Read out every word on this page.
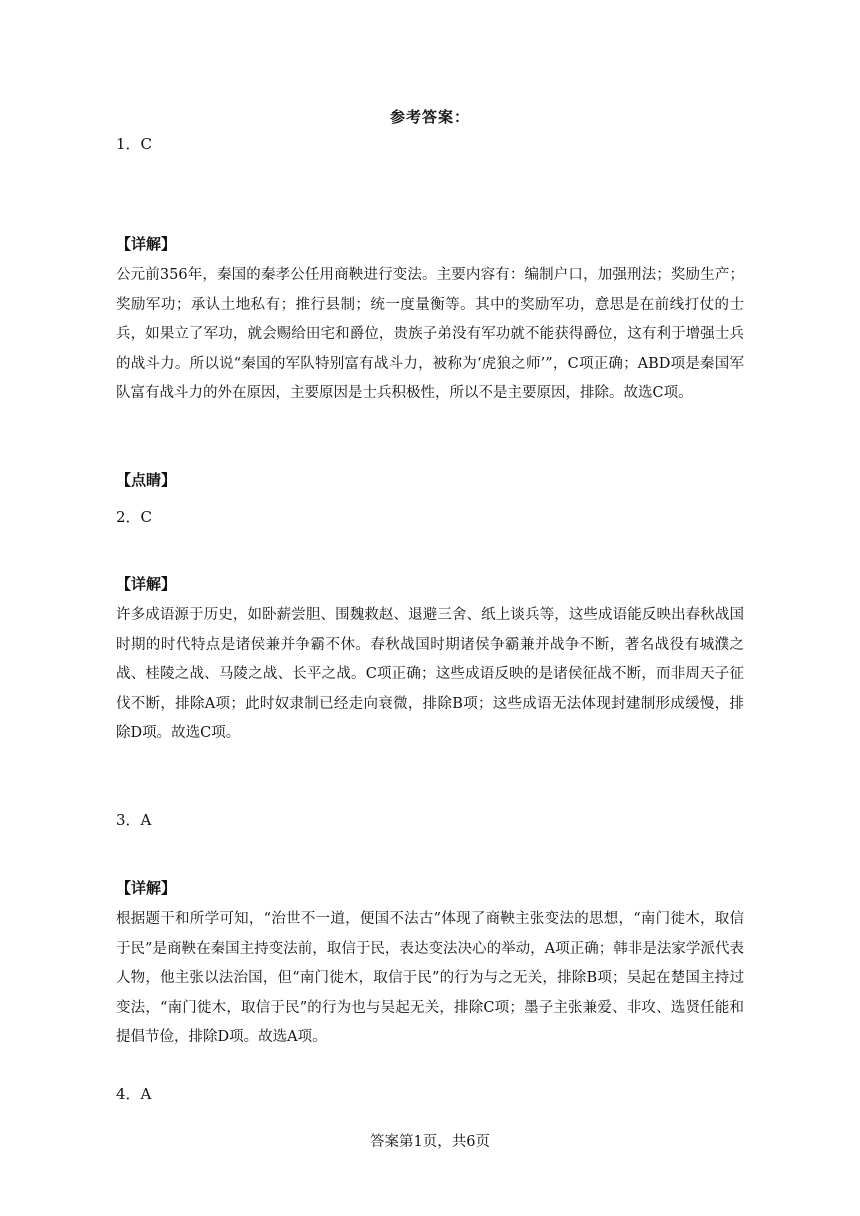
参考答案：
1．C
【详解】
公元前356年，秦国的秦孝公任用商鞅进行变法。主要内容有：编制户口，加强刑法；奖励生产；奖励军功；承认土地私有；推行县制；统一度量衡等。其中的奖励军功，意思是在前线打仗的士兵，如果立了军功，就会赐给田宅和爵位，贵族子弟没有军功就不能获得爵位，这有利于增强士兵的战斗力。所以说“秦国的军队特别富有战斗力，被称为‘虎狼之师’”，C项正确；ABD项是秦国军队富有战斗力的外在原因，主要原因是士兵积极性，所以不是主要原因，排除。故选C项。
【点睛】
2．C
【详解】
许多成语源于历史，如卧薪尝胆、围魏救赵、退避三舍、纸上谈兵等，这些成语能反映出春秋战国时期的时代特点是诸侯兼并争霸不休。春秋战国时期诸侯争霸兼并战争不断，著名战役有城濮之战、桂陵之战、马陵之战、长平之战。C项正确；这些成语反映的是诸侯征战不断，而非周天子征伐不断，排除A项；此时奴隶制已经走向衰微，排除B项；这些成语无法体现封建制形成缓慢，排除D项。故选C项。
3．A
【详解】
根据题干和所学可知，“治世不一道，便国不法古”体现了商鞅主张变法的思想，“南门徙木，取信于民”是商鞅在秦国主持变法前，取信于民，表达变法决心的举动，A项正确；韩非是法家学派代表人物，他主张以法治国，但“南门徙木，取信于民”的行为与之无关，排除B项；吴起在楚国主持过变法，“南门徙木，取信于民”的行为也与吴起无关，排除C项；墨子主张兼爱、非攻、选贤任能和提倡节俭，排除D项。故选A项。
4．A
答案第1页，共6页
